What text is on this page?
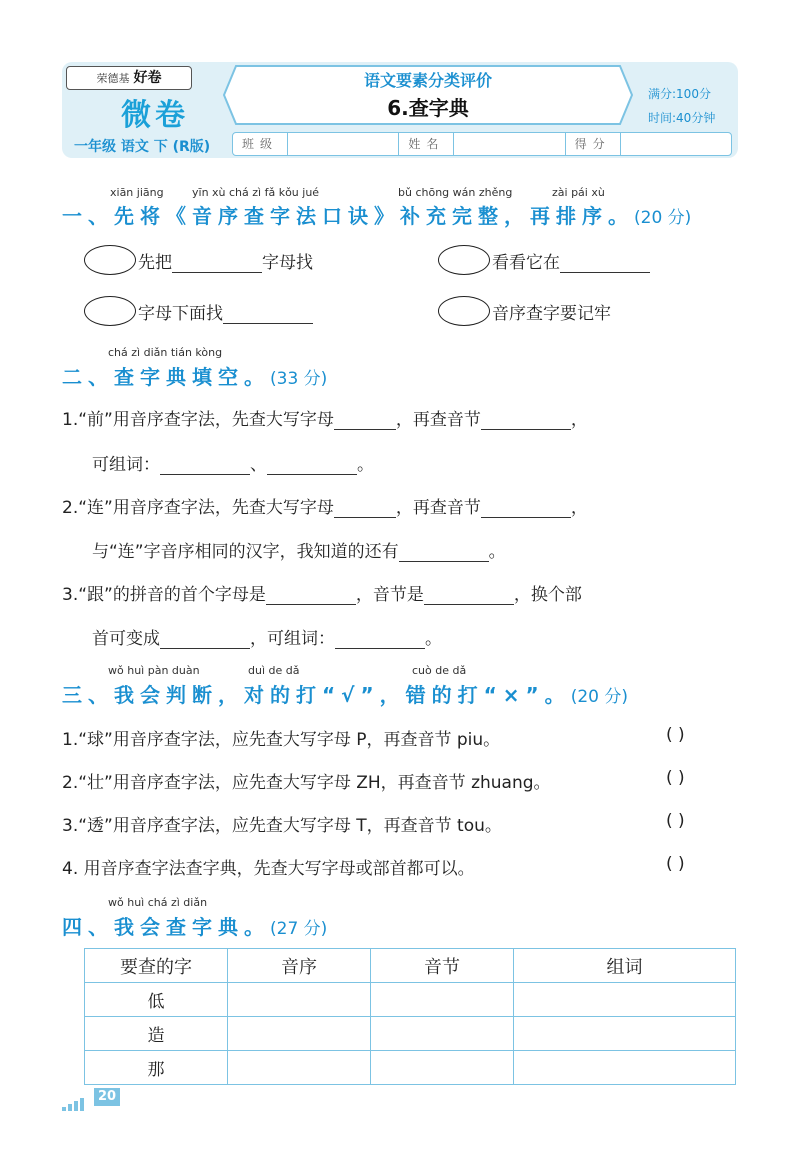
荣德基 好卷
微卷
一年级 语文 下 (R版)
语文要素分类评价
6.查字典
满分:100分
时间:40分钟
班级	姓名	得分
xiān jiāng	yīn xù chá zì fǎ kǒu jué	bǔ chōng wán zhěng	zài pái xù
一、先将《音序查字法口诀》补充完整，再排序。(20 分)
先把	字母找	看看它在
字母下面找	音序查字要记牢
chá zì diǎn tián kòng
二、查字典填空。(33 分)
1.“前”用音序查字法，先查大写字母	，再查音节	，
可组词：	、	。
2.“连”用音序查字法，先查大写字母	，再查音节	，
与“连”字音序相同的汉字，我知道的还有	。
3.“跟”的拼音的首个字母是	，音节是	，换个部
首可变成	，可组词：	。
wǒ huì pàn duàn	duì de dǎ	cuò de dǎ
三、我会判断，对的打“√”，错的打“×”。(20 分)
1.“球”用音序查字法，应先查大写字母 P，再查音节 piu。	( )
2.“壮”用音序查字法，应先查大写字母 ZH，再查音节 zhuang。	( )
3.“透”用音序查字法，应先查大写字母 T，再查音节 tou。	( )
4. 用音序查字法查字典，先查大写字母或部首都可以。	( )
wǒ huì chá zì diǎn
四、我会查字典。(27 分)
要查的字	音序	音节	组词
低			
造			
那			
20
